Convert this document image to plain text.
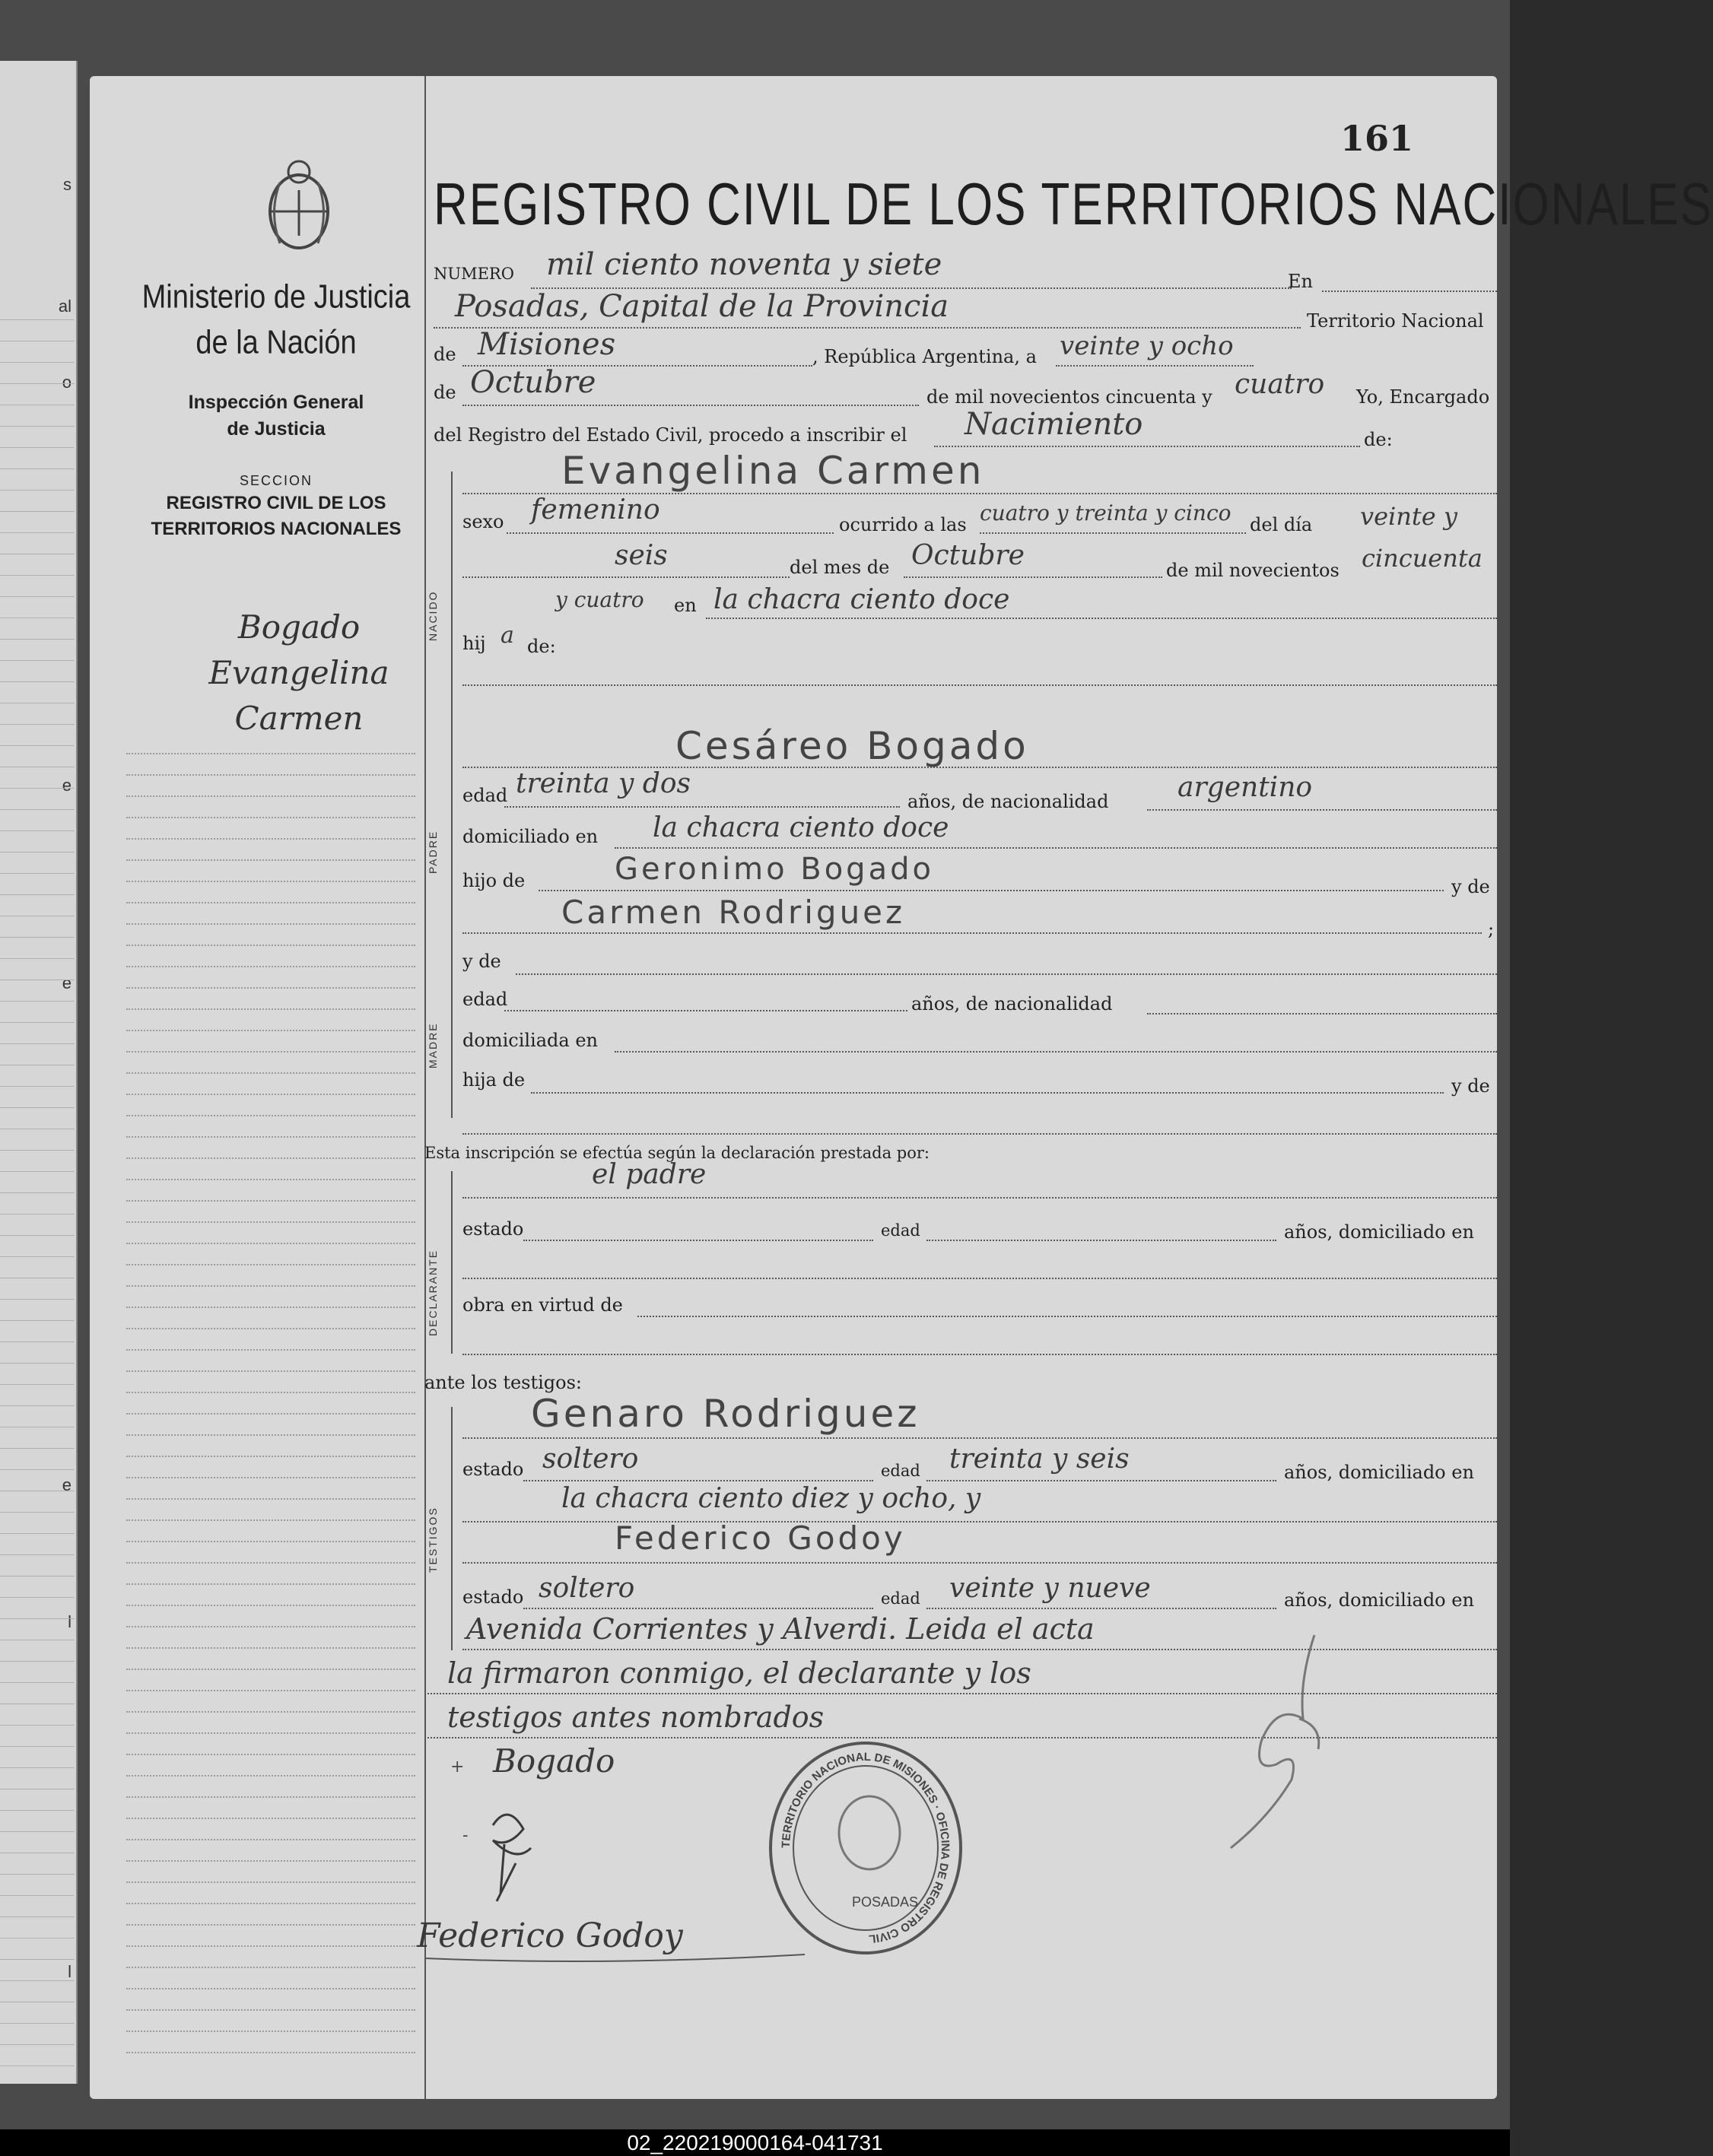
s
al
o
e
e
e
l
l
Ministerio de Justicia
de la Nación
Inspección General
de Justicia
SECCION
REGISTRO CIVIL DE LOS
TERRITORIOS NACIONALES
Bogado
Evangelina
Carmen
161
REGISTRO CIVIL DE LOS TERRITORIOS NACIONALES
NUMERO mil ciento noventa y siete	En
Posadas, Capital de la Provincia	Territorio Nacional
de Misiones	, República Argentina, a veinte y ocho
de Octubre	de mil novecientos cincuenta y cuatro Yo, Encargado
del Registro del Estado Civil, procedo a inscribir el Nacimiento	de:
NACIDO
Evangelina Carmen
sexo femenino	ocurrido a las cuatro y treinta y cinco del día veinte y
seis	del mes de Octubre	de mil novecientos cincuenta
y cuatro en la chacra ciento doce
hij a de:
PADRE
Cesáreo Bogado
edad treinta y dos
años, de nacionalidad	argentino
domiciliado en la chacra ciento doce
hijo de	Geronimo Bogado	y de
Carmen Rodriguez	;
MADRE
y de
edad	años, de nacionalidad
domiciliada en
hija de	y de
Esta inscripción se efectúa según la declaración prestada por:
DECLARANTE
el padre
estado	edad	años, domiciliado en
obra en virtud de
ante los testigos:
TESTIGOS
Genaro Rodriguez
estado soltero	edad treinta y seis	años, domiciliado en
la chacra ciento diez y ocho, y
Federico Godoy
estado soltero	edad veinte y nueve	años, domiciliado en
Avenida Corrientes y Alverdi. Leida el acta
la firmaron conmigo, el declarante y los
testigos antes nombrados
+ Bogado
-
Federico Godoy
TERRITORIO NACIONAL DE MISIONES · OFICINA DE REGISTRO CIVIL
POSADAS
02_220219000164-041731
